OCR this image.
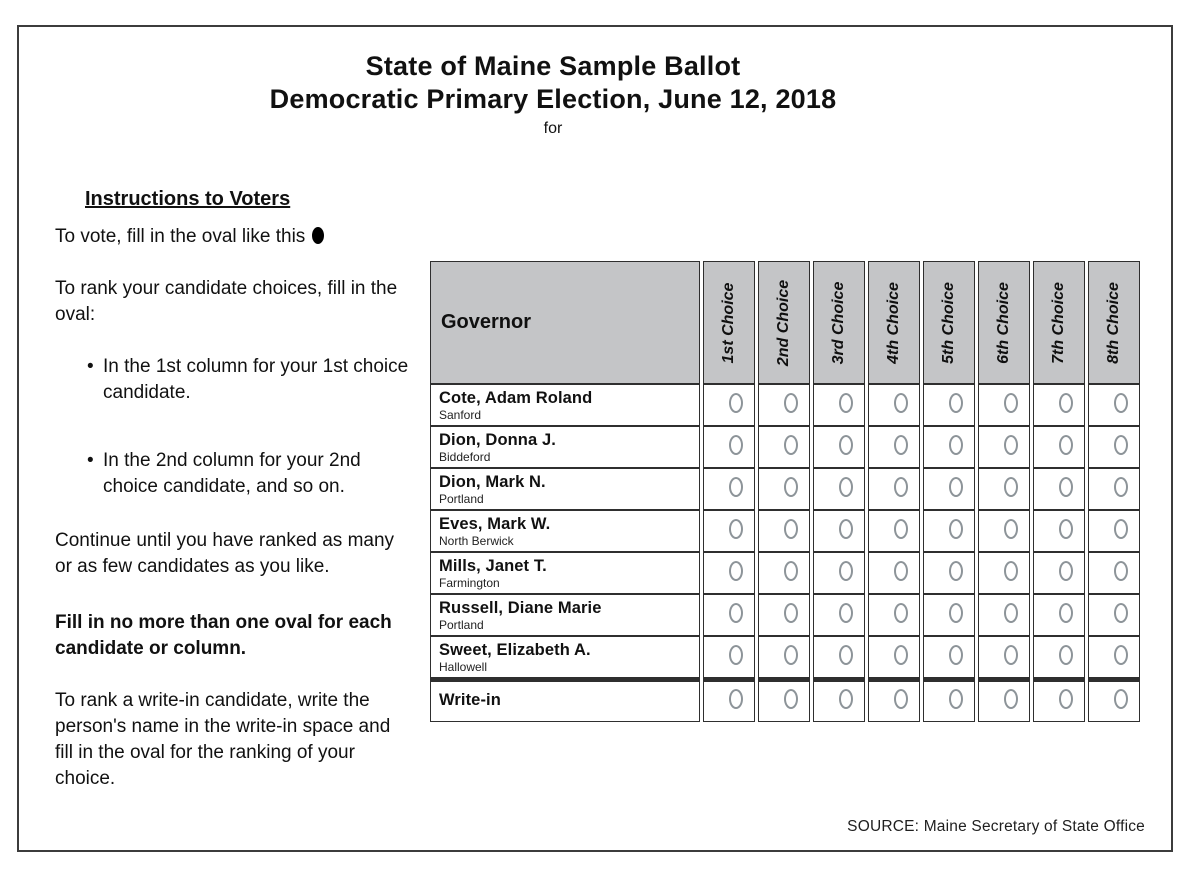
State of Maine Sample Ballot
Democratic Primary Election, June 12, 2018
for
Instructions to Voters

To vote, fill in the oval like this

To rank your candidate choices, fill in the oval:

• In the 1st column for your 1st choice candidate.
• In the 2nd column for your 2nd choice candidate, and so on.

Continue until you have ranked as many or as few candidates as you like.

Fill in no more than one oval for each candidate or column.

To rank a write-in candidate, write the person's name in the write-in space and fill in the oval for the ranking of your choice.

Governor	1st Choice	2nd Choice	3rd Choice	4th Choice	5th Choice	6th Choice	7th Choice	8th Choice

Cote, Adam Roland
Sanford								

Dion, Donna J.
Biddeford								

Dion, Mark N.
Portland								

Eves, Mark W.
North Berwick								

Mills, Janet T.
Farmington								

Russell, Diane Marie
Portland								

Sweet, Elizabeth A.
Hallowell								

Write-in								

SOURCE: Maine Secretary of State Office
